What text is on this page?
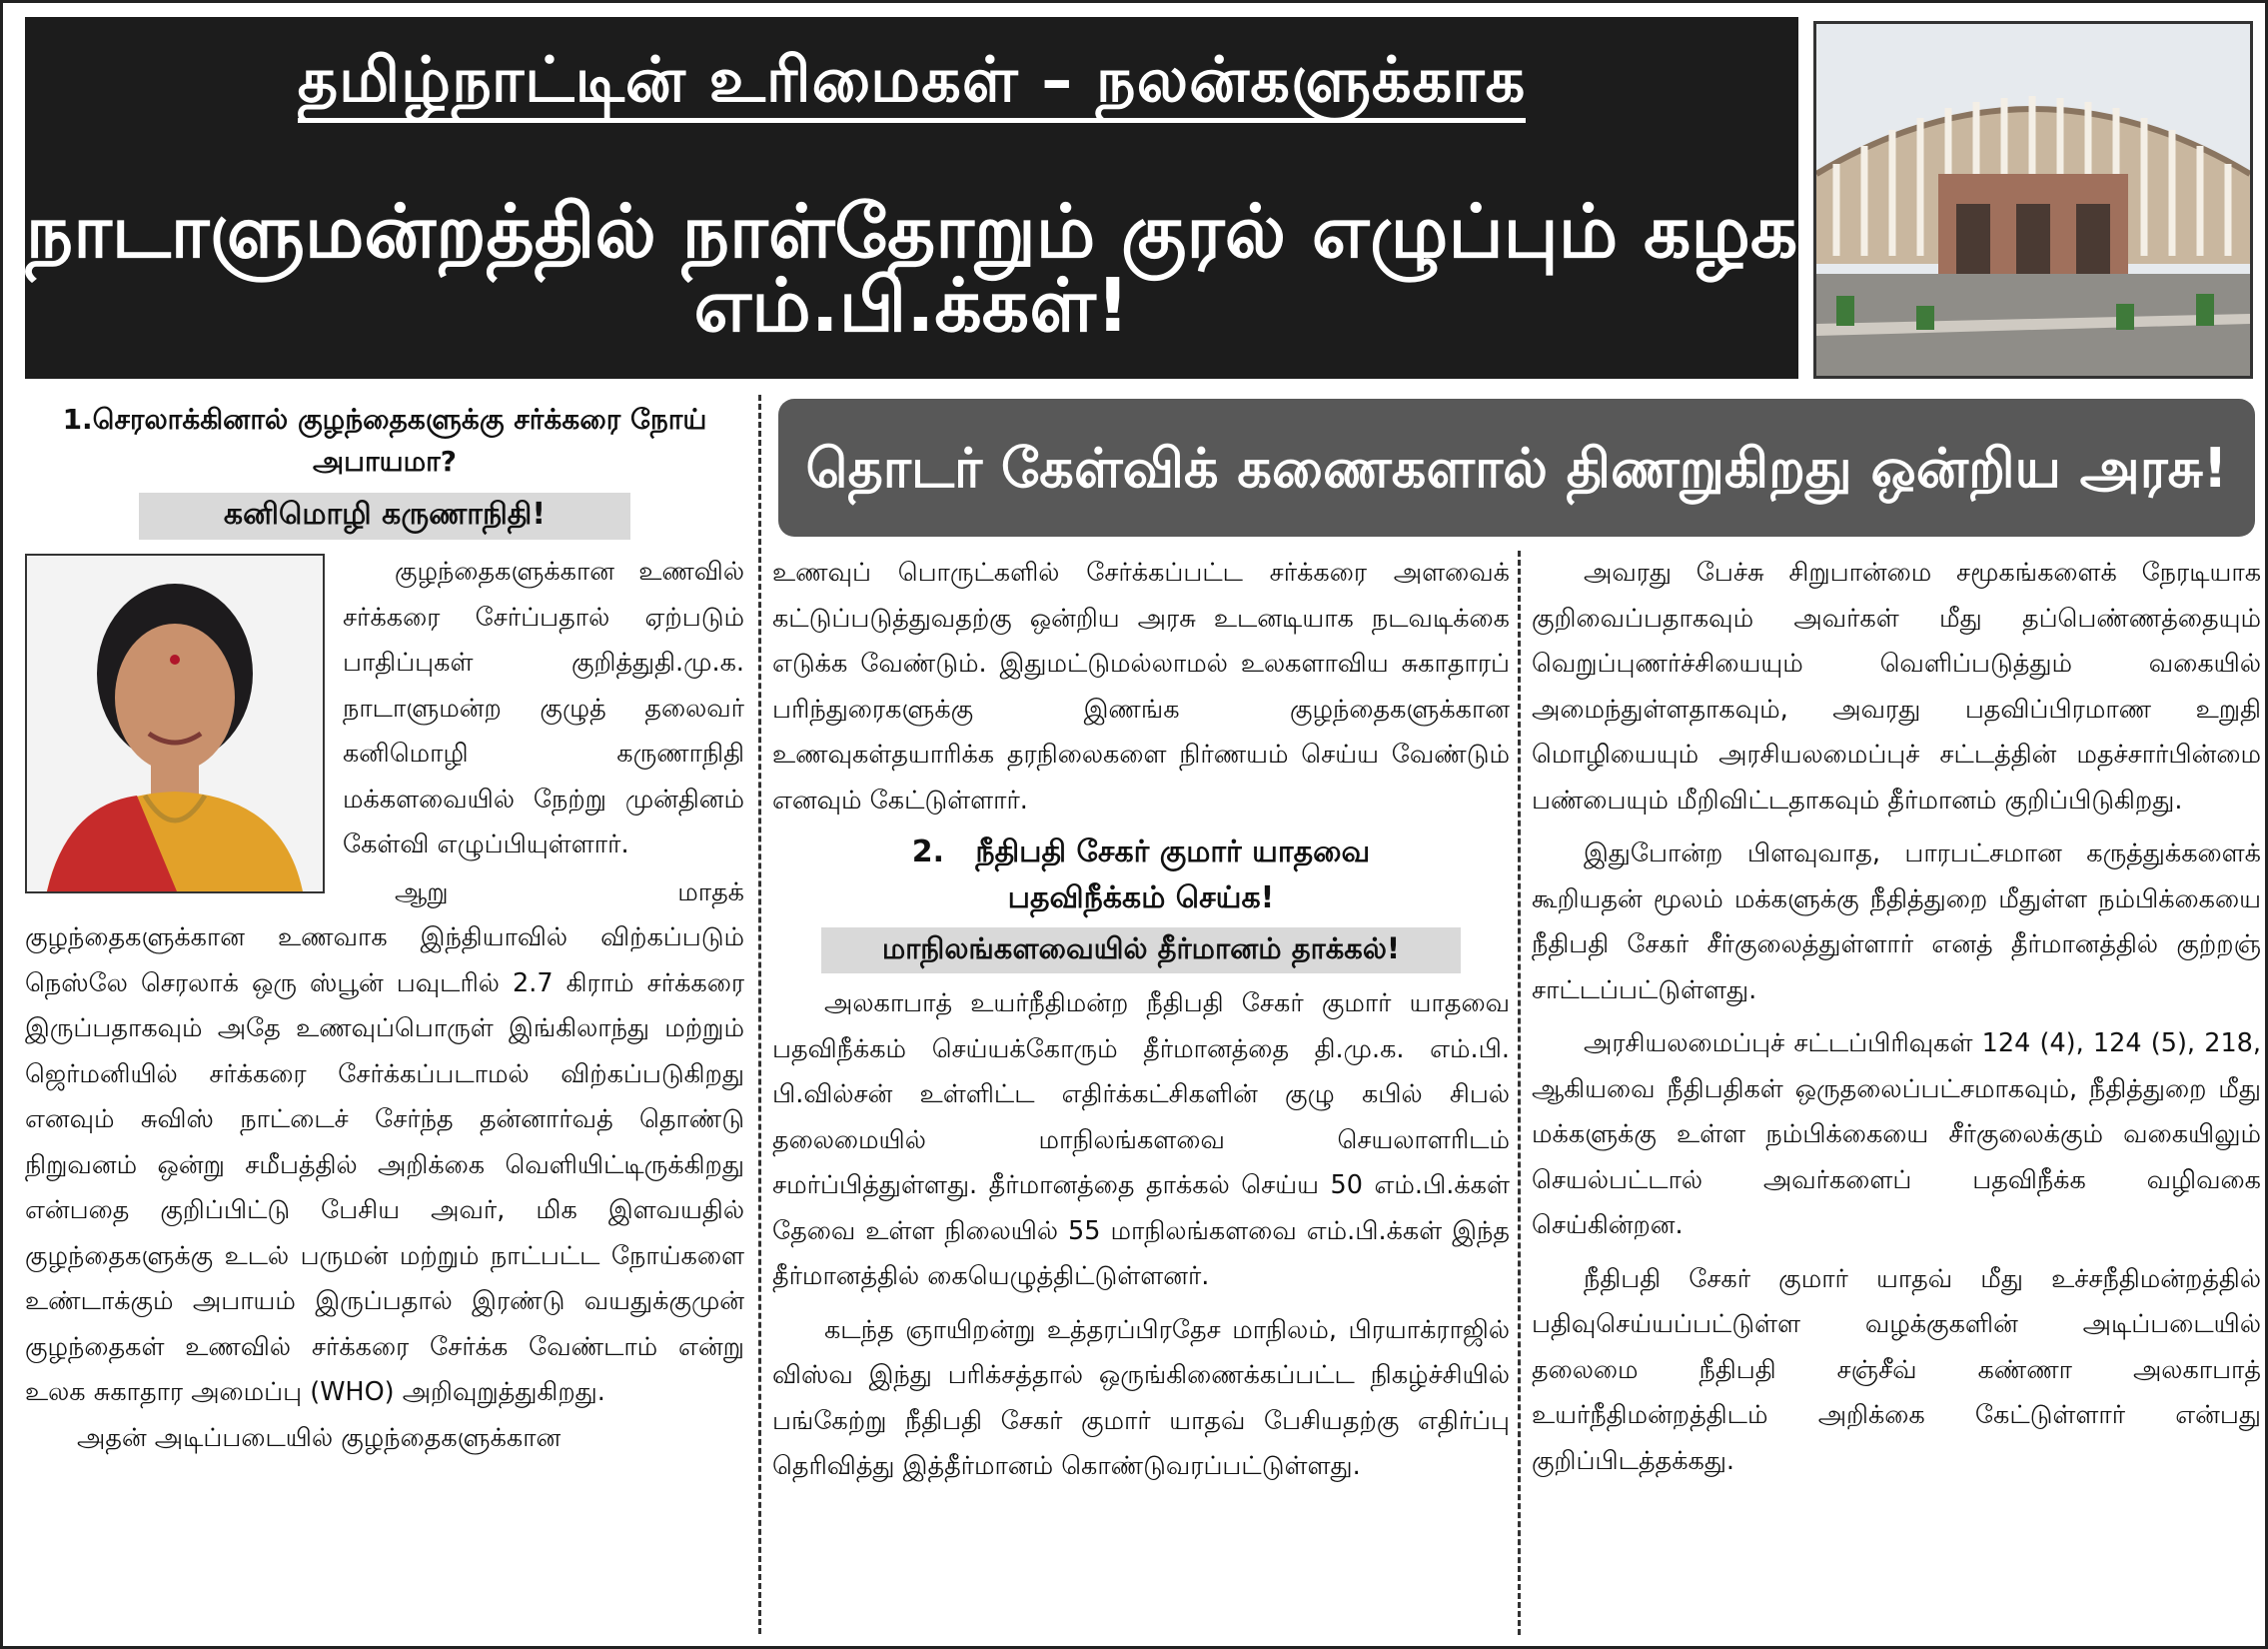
தமிழ்நாட்டின் உரிமைகள் – நலன்களுக்காக
நாடாளுமன்றத்தில் நாள்தோறும் குரல் எழுப்பும் கழக எம்.பி.க்கள்!
தொடர் கேள்விக் கணைகளால் திணறுகிறது ஒன்றிய அரசு!
1.செரலாக்கினால் குழந்தைகளுக்கு சர்க்கரை நோய் அபாயமா?
கனிமொழி கருணாநிதி!

குழந்தைகளுக்கான உணவில் சர்க்கரை சேர்ப்பதால் ஏற்படும் பாதிப்புகள் குறித்துதி.மு.க. நாடாளுமன்ற குழுத் தலைவர் கனிமொழி கருணாநிதி மக்களவையில் நேற்று முன்தினம் கேள்வி எழுப்பியுள்ளார்.

ஆறு மாதக் குழந்தைகளுக்கான உணவாக இந்தியாவில் விற்கப்படும் நெஸ்லே செரலாக் ஒரு ஸ்பூன் பவுடரில் 2.7 கிராம் சர்க்கரை இருப்பதாகவும் அதே உணவுப்பொருள் இங்கிலாந்து மற்றும் ஜெர்மனியில் சர்க்கரை சேர்க்கப்படாமல் விற்கப்படுகிறது எனவும் சுவிஸ் நாட்டைச் சேர்ந்த தன்னார்வத் தொண்டு நிறுவனம் ஒன்று சமீபத்தில் அறிக்கை வெளியிட்டிருக்கிறது என்பதை குறிப்பிட்டு பேசிய அவர், மிக இளவயதில் குழந்தைகளுக்கு உடல் பருமன் மற்றும் நாட்பட்ட நோய்களை உண்டாக்கும் அபாயம் இருப்பதால் இரண்டு வயதுக்குமுன் குழந்தைகள் உணவில் சர்க்கரை சேர்க்க வேண்டாம் என்று உலக சுகாதார அமைப்பு (WHO) அறிவுறுத்துகிறது.

அதன் அடிப்படையில் குழந்தைகளுக்கான

உணவுப் பொருட்களில் சேர்க்கப்பட்ட சர்க்கரை அளவைக் கட்டுப்படுத்துவதற்கு ஒன்றிய அரசு உடனடியாக நடவடிக்கை எடுக்க வேண்டும். இதுமட்டுமல்லாமல் உலகளாவிய சுகாதாரப் பரிந்துரைகளுக்கு இணங்க குழந்தைகளுக்கான உணவுகள்தயாரிக்க தரநிலைகளை நிர்ணயம் செய்ய வேண்டும் எனவும் கேட்டுள்ளார்.

2.   நீதிபதி சேகர் குமார் யாதவை
பதவிநீக்கம் செய்க!
மாநிலங்களவையில் தீர்மானம் தாக்கல்!

அலகாபாத் உயர்நீதிமன்ற நீதிபதி சேகர் குமார் யாதவை பதவிநீக்கம் செய்யக்கோரும் தீர்மானத்தை தி.மு.க. எம்.பி. பி.வில்சன் உள்ளிட்ட எதிர்க்கட்சிகளின் குழு கபில் சிபல் தலைமையில் மாநிலங்களவை செயலாளரிடம் சமர்ப்பித்துள்ளது. தீர்மானத்தை தாக்கல் செய்ய 50 எம்.பி.க்கள் தேவை உள்ள நிலையில் 55 மாநிலங்களவை எம்.பி.க்கள் இந்த தீர்மானத்தில் கையெழுத்திட்டுள்ளனர்.

கடந்த ஞாயிறன்று உத்தரப்பிரதேச மாநிலம், பிரயாக்ராஜில் விஸ்வ இந்து பரிக்சத்தால் ஒருங்கிணைக்கப்பட்ட நிகழ்ச்சியில் பங்கேற்று நீதிபதி சேகர் குமார் யாதவ் பேசியதற்கு எதிர்ப்பு தெரிவித்து இத்தீர்மானம் கொண்டுவரப்பட்டுள்ளது.

அவரது பேச்சு சிறுபான்மை சமூகங்களைக் நேரடியாக குறிவைப்பதாகவும் அவர்கள் மீது தப்பெண்ணத்தையும் வெறுப்புணர்ச்சியையும் வெளிப்படுத்தும் வகையில் அமைந்துள்ளதாகவும், அவரது பதவிப்பிரமாண உறுதி மொழியையும் அரசியலமைப்புச் சட்டத்தின் மதச்சார்பின்மை பண்பையும் மீறிவிட்டதாகவும் தீர்மானம் குறிப்பிடுகிறது.

இதுபோன்ற பிளவுவாத, பாரபட்சமான கருத்துக்களைக் கூறியதன் மூலம் மக்களுக்கு நீதித்துறை மீதுள்ள நம்பிக்கையை நீதிபதி சேகர் சீர்குலைத்துள்ளார் எனத் தீர்மானத்தில் குற்றஞ் சாட்டப்பட்டுள்ளது.

அரசியலமைப்புச் சட்டப்பிரிவுகள் 124 (4), 124 (5), 218, ஆகியவை நீதிபதிகள் ஒருதலைப்பட்சமாகவும், நீதித்துறை மீது மக்களுக்கு உள்ள நம்பிக்கையை சீர்குலைக்கும் வகையிலும் செயல்பட்டால் அவர்களைப் பதவிநீக்க வழிவகை செய்கின்றன.

நீதிபதி சேகர் குமார் யாதவ் மீது உச்சநீதிமன்றத்தில் பதிவுசெய்யப்பட்டுள்ள வழக்குகளின் அடிப்படையில் தலைமை நீதிபதி சஞ்சீவ் கண்ணா அலகாபாத் உயர்நீதிமன்றத்திடம் அறிக்கை கேட்டுள்ளார் என்பது குறிப்பிடத்தக்கது.
